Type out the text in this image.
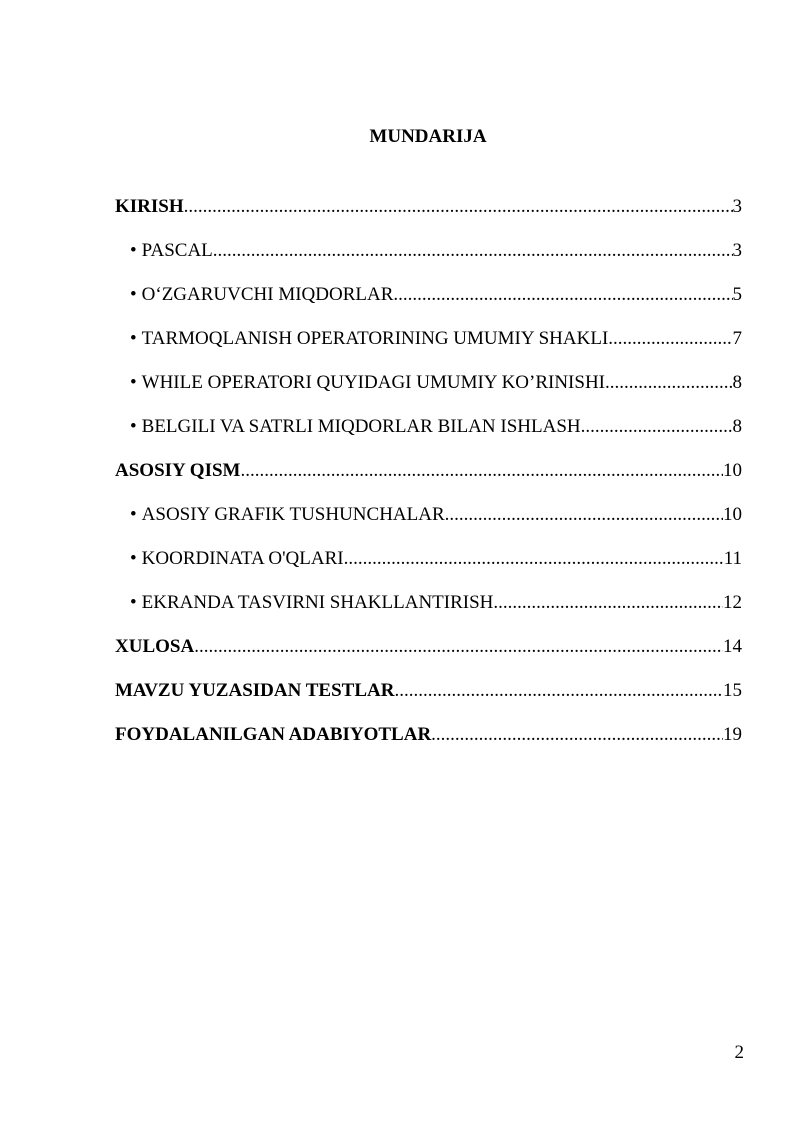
MUNDARIJA
KIRISH .....	3
• PASCAL .....	3
• O‘ZGARUVCHI MIQDORLAR .....	5
• TARMOQLANISH OPERATORINING UMUMIY SHAKLI .....	7
• WHILE OPERATORI QUYIDAGI UMUMIY KO’RINISHI .....	8
• BELGILI VA SATRLI MIQDORLAR BILAN ISHLASH .....	8
ASOSIY QISM .....	10
• ASOSIY GRAFIK TUSHUNCHALAR .....	10
• KOORDINATA O'QLARI .....	11
• EKRANDA TASVIRNI SHAKLLANTIRISH .....	12
XULOSA .....	14
MAVZU YUZASIDAN TESTLAR .....	15
FOYDALANILGAN ADABIYOTLAR .....	19
2
